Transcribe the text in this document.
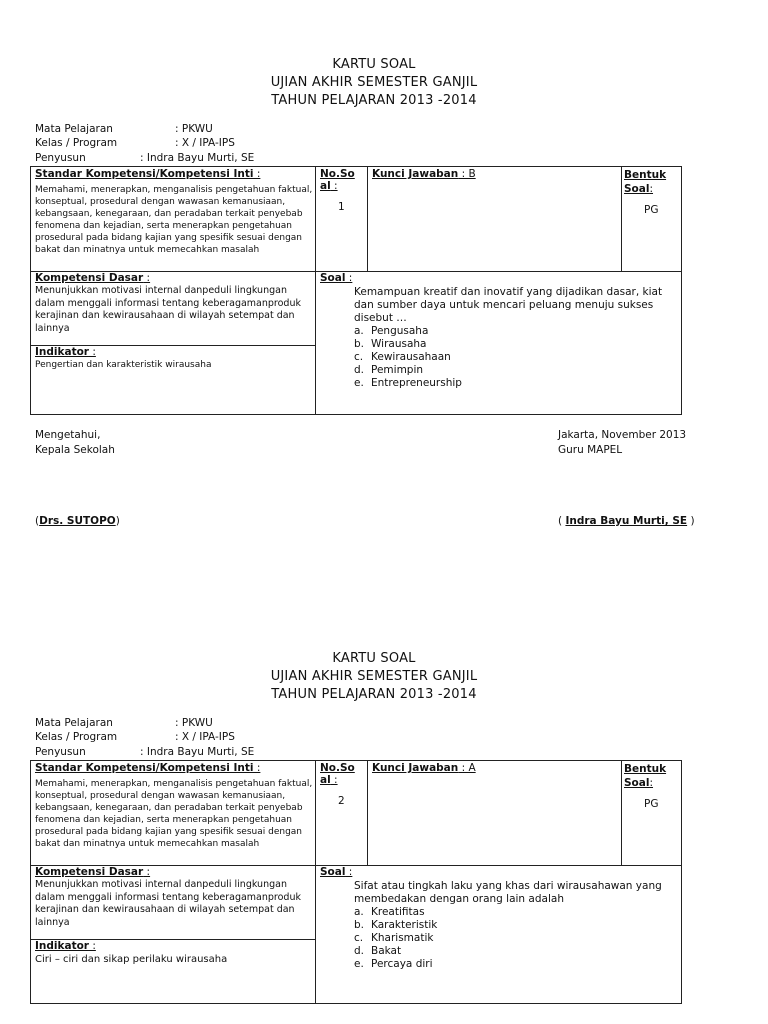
KARTU SOAL
UJIAN AKHIR SEMESTER GANJIL
TAHUN PELAJARAN 2013 -2014
Mata Pelajaran	: PKWU
Kelas / Program	: X / IPA-IPS
Penyusun	: Indra Bayu Murti, SE
Standar Kompetensi/Kompetensi Inti :
Memahami, menerapkan, menganalisis pengetahuan faktual, konseptual, prosedural dengan wawasan kemanusiaan, kebangsaan, kenegaraan, dan peradaban terkait penyebab fenomena dan kejadian, serta menerapkan pengetahuan prosedural pada bidang kajian yang spesifik sesuai dengan bakat dan minatnya untuk memecahkan masalah
No.Soal :
1
Kunci Jawaban : B	Bentuk Soal:
PG
Kompetensi Dasar :
Menunjukkan motivasi internal danpeduli lingkungan dalam menggali informasi tentang keberagamanproduk kerajinan dan kewirausahaan di wilayah setempat dan lainnya
Indikator :
Pengertian dan karakteristik wirausaha
Soal :
Kemampuan kreatif dan inovatif yang dijadikan dasar, kiat dan sumber daya untuk mencari peluang menuju sukses disebut …
a. Pengusaha
b. Wirausaha
c. Kewirausahaan
d. Pemimpin
e. Entrepreneurship
Mengetahui,
Kepala Sekolah
Jakarta, November 2013
Guru MAPEL
(Drs. SUTOPO)	( Indra Bayu Murti, SE )
KARTU SOAL
UJIAN AKHIR SEMESTER GANJIL
TAHUN PELAJARAN 2013 -2014
Mata Pelajaran	: PKWU
Kelas / Program	: X / IPA-IPS
Penyusun	: Indra Bayu Murti, SE
Standar Kompetensi/Kompetensi Inti :
Memahami, menerapkan, menganalisis pengetahuan faktual, konseptual, prosedural dengan wawasan kemanusiaan, kebangsaan, kenegaraan, dan peradaban terkait penyebab fenomena dan kejadian, serta menerapkan pengetahuan prosedural pada bidang kajian yang spesifik sesuai dengan bakat dan minatnya untuk memecahkan masalah
No.Soal :
2
Kunci Jawaban : A	Bentuk Soal:
PG
Kompetensi Dasar :
Menunjukkan motivasi internal danpeduli lingkungan dalam menggali informasi tentang keberagamanproduk kerajinan dan kewirausahaan di wilayah setempat dan lainnya
Indikator :
Ciri – ciri dan sikap perilaku wirausaha
Soal :
Sifat atau tingkah laku yang khas dari wirausahawan yang membedakan dengan orang lain adalah
a. Kreatifitas
b. Karakteristik
c. Kharismatik
d. Bakat
e. Percaya diri
